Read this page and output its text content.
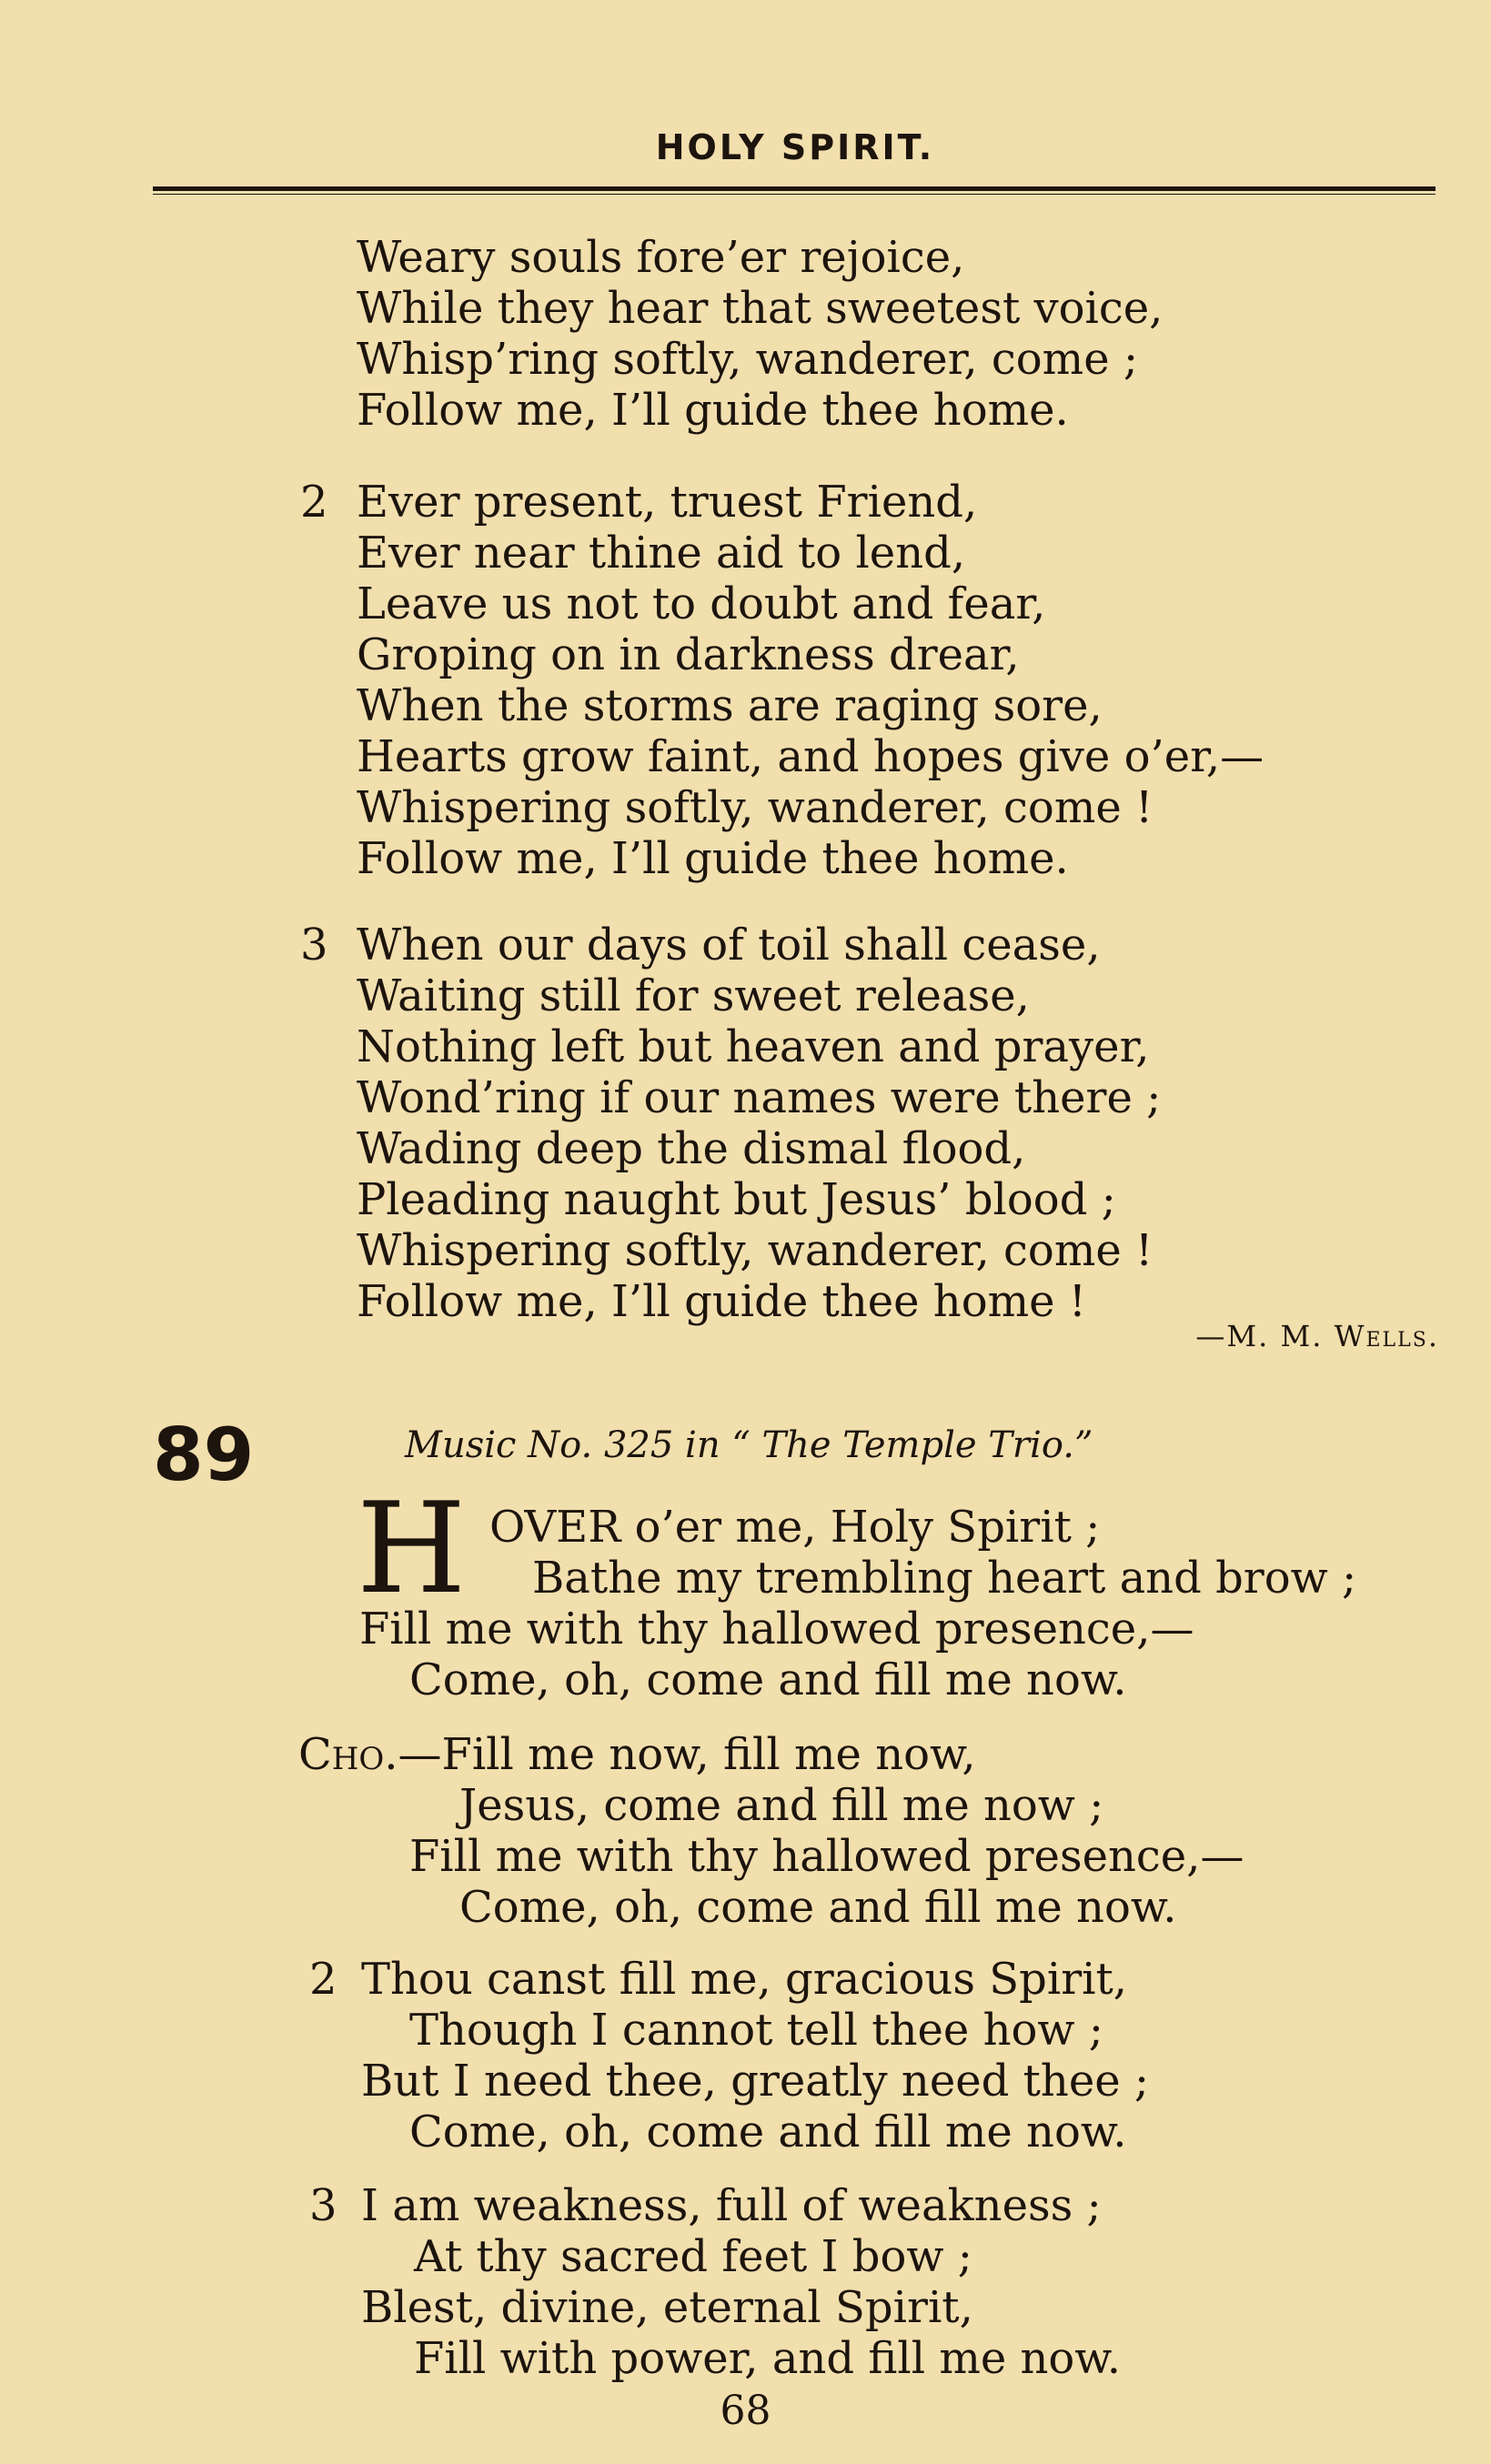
HOLY SPIRIT.
Weary souls fore’er rejoice,
While they hear that sweetest voice,
Whisp’ring softly, wanderer, come ;
Follow me, I’ll guide thee home.
2 Ever present, truest Friend,
Ever near thine aid to lend,
Leave us not to doubt and fear,
Groping on in darkness drear,
When the storms are raging sore,
Hearts grow faint, and hopes give o’er,—
Whispering softly, wanderer, come !
Follow me, I’ll guide thee home.
3 When our days of toil shall cease,
Waiting still for sweet release,
Nothing left but heaven and prayer,
Wond’ring if our names were there ;
Wading deep the dismal flood,
Pleading naught but Jesus’ blood ;
Whispering softly, wanderer, come !
Follow me, I’ll guide thee home !
—M. M. Wells.
89	Music No. 325 in “ The Temple Trio.”
H OVER o’er me, Holy Spirit ;
Bathe my trembling heart and brow ;
Fill me with thy hallowed presence,—
Come, oh, come and fill me now.
Cho.—Fill me now, fill me now,
Jesus, come and fill me now ;
Fill me with thy hallowed presence,—
Come, oh, come and fill me now.
2 Thou canst fill me, gracious Spirit,
Though I cannot tell thee how ;
But I need thee, greatly need thee ;
Come, oh, come and fill me now.
3 I am weakness, full of weakness ;
At thy sacred feet I bow ;
Blest, divine, eternal Spirit,
Fill with power, and fill me now.
68
